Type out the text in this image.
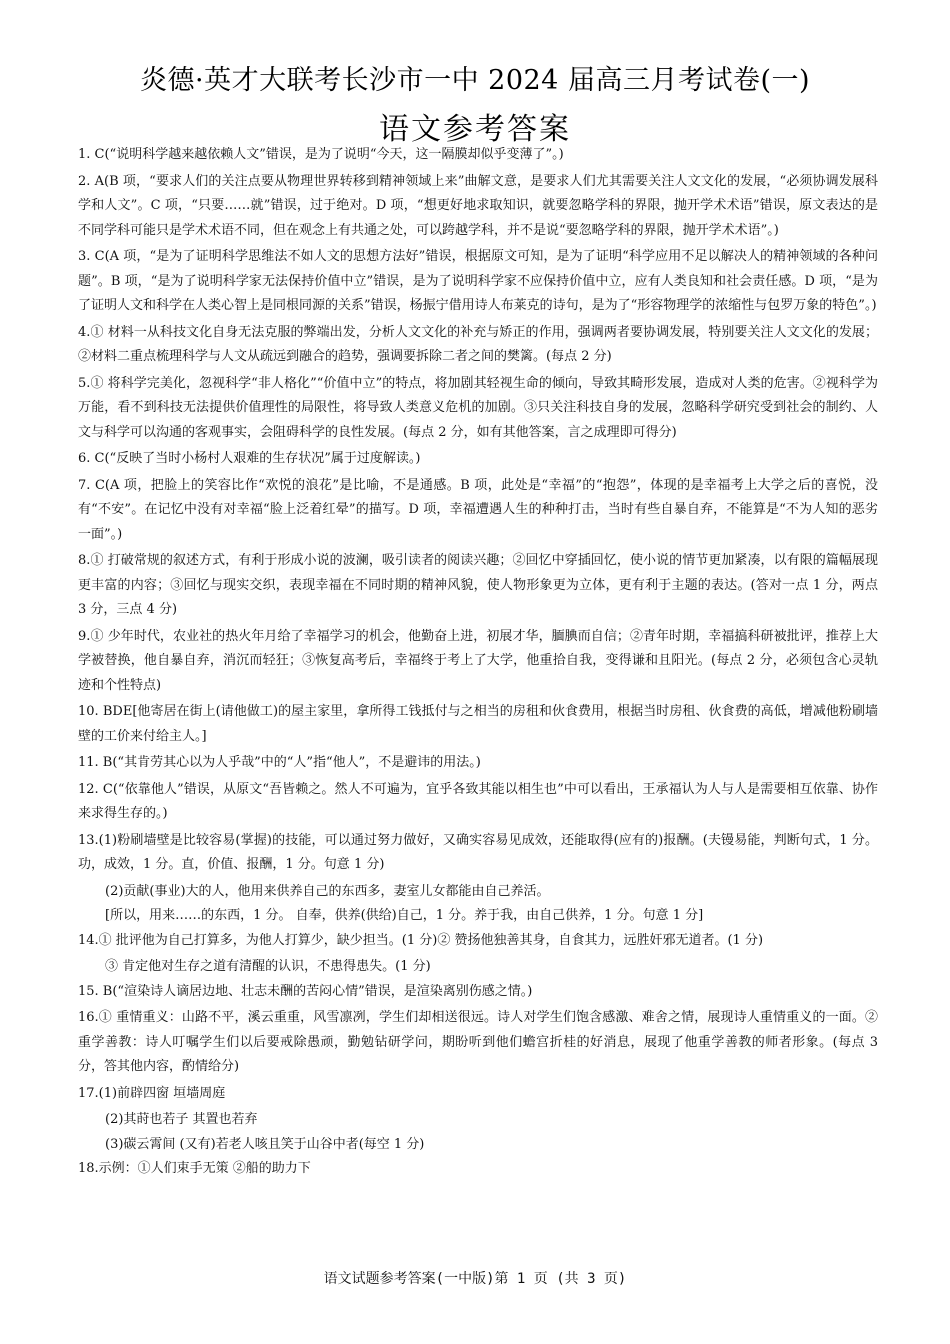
炎德·英才大联考长沙市一中 2024 届高三月考试卷(一)
语文参考答案

1. C(“说明科学越来越依赖人文”错误，是为了说明“今天，这一隔膜却似乎变薄了”。)

2. A(B 项，“要求人们的关注点要从物理世界转移到精神领域上来”曲解文意，是要求人们尤其需要关注人文文化的发展，“必须协调发展科学和人文”。C 项，“只要……就”错误，过于绝对。D 项，“想更好地求取知识，就要忽略学科的界限，抛开学术术语”错误，原文表达的是不同学科可能只是学术术语不同，但在观念上有共通之处，可以跨越学科，并不是说“要忽略学科的界限，抛开学术术语”。)

3. C(A 项，“是为了证明科学思维法不如人文的思想方法好”错误，根据原文可知，是为了证明“科学应用不足以解决人的精神领域的各种问题”。B 项，“是为了说明科学家无法保持价值中立”错误，是为了说明科学家不应保持价值中立，应有人类良知和社会责任感。D 项，“是为了证明人文和科学在人类心智上是同根同源的关系”错误，杨振宁借用诗人布莱克的诗句，是为了“形容物理学的浓缩性与包罗万象的特色”。)

4.① 材料一从科技文化自身无法克服的弊端出发，分析人文文化的补充与矫正的作用，强调两者要协调发展，特别要关注人文文化的发展；②材料二重点梳理科学与人文从疏远到融合的趋势，强调要拆除二者之间的樊篱。(每点 2 分)

5.① 将科学完美化，忽视科学“非人格化”“价值中立”的特点，将加剧其轻视生命的倾向，导致其畸形发展，造成对人类的危害。②视科学为万能，看不到科技无法提供价值理性的局限性，将导致人类意义危机的加剧。③只关注科技自身的发展，忽略科学研究受到社会的制约、人文与科学可以沟通的客观事实，会阻碍科学的良性发展。(每点 2 分，如有其他答案，言之成理即可得分)

6. C(“反映了当时小杨村人艰难的生存状况”属于过度解读。)

7. C(A 项，把脸上的笑容比作“欢悦的浪花”是比喻，不是通感。B 项，此处是“幸福”的“抱怨”，体现的是幸福考上大学之后的喜悦，没有“不安”。在记忆中没有对幸福“脸上泛着红晕”的描写。D 项，幸福遭遇人生的种种打击，当时有些自暴自弃，不能算是“不为人知的恶劣一面”。)

8.① 打破常规的叙述方式，有利于形成小说的波澜，吸引读者的阅读兴趣；②回忆中穿插回忆，使小说的情节更加紧凑，以有限的篇幅展现更丰富的内容；③回忆与现实交织，表现幸福在不同时期的精神风貌，使人物形象更为立体，更有利于主题的表达。(答对一点 1 分，两点 3 分，三点 4 分)

9.① 少年时代，农业社的热火年月给了幸福学习的机会，他勤奋上进，初展才华，腼腆而自信；②青年时期，幸福搞科研被批评，推荐上大学被替换，他自暴自弃，消沉而轻狂；③恢复高考后，幸福终于考上了大学，他重拾自我，变得谦和且阳光。(每点 2 分，必须包含心灵轨迹和个性特点)

10. BDE[他寄居在街上(请他做工)的屋主家里，拿所得工钱抵付与之相当的房租和伙食费用，根据当时房租、伙食费的高低，增减他粉刷墙壁的工价来付给主人。]

11. B(“其肯劳其心以为人乎哉”中的“人”指“他人”，不是避讳的用法。)

12. C(“依靠他人”错误，从原文“吾皆赖之。然人不可遍为，宜乎各致其能以相生也”中可以看出，王承福认为人与人是需要相互依靠、协作来求得生存的。)

13.(1)粉刷墙壁是比较容易(掌握)的技能，可以通过努力做好，又确实容易见成效，还能取得(应有的)报酬。(夫镘易能，判断句式，1 分。功，成效，1 分。直，价值、报酬，1 分。句意 1 分)

(2)贡献(事业)大的人，他用来供养自己的东西多，妻室儿女都能由自己养活。

[所以，用来……的东西，1 分。 自奉，供养(供给)自己，1 分。养于我，由自己供养，1 分。句意 1 分]

14.① 批评他为自己打算多，为他人打算少，缺少担当。(1 分)② 赞扬他独善其身，自食其力，远胜奸邪无道者。(1 分)

③ 肯定他对生存之道有清醒的认识，不患得患失。(1 分)

15. B(“渲染诗人谪居边地、壮志未酬的苦闷心情”错误，是渲染离别伤感之情。)

16.① 重情重义：山路不平，溪云重重，风雪凛冽，学生们却相送很远。诗人对学生们饱含感激、难舍之情，展现诗人重情重义的一面。②重学善教：诗人叮嘱学生们以后要戒除愚顽，勤勉钻研学问，期盼听到他们蟾宫折桂的好消息，展现了他重学善教的师者形象。(每点 3 分，答其他内容，酌情给分)

17.(1)前辟四窗 垣墙周庭

(2)其莳也若子 其置也若弃

(3)碳云霄间 (又有)若老人咳且笑于山谷中者(每空 1 分)

18.示例：①人们束手无策 ②船的助力下

语文试题参考答案(一中版)第 1 页 (共 3 页)
